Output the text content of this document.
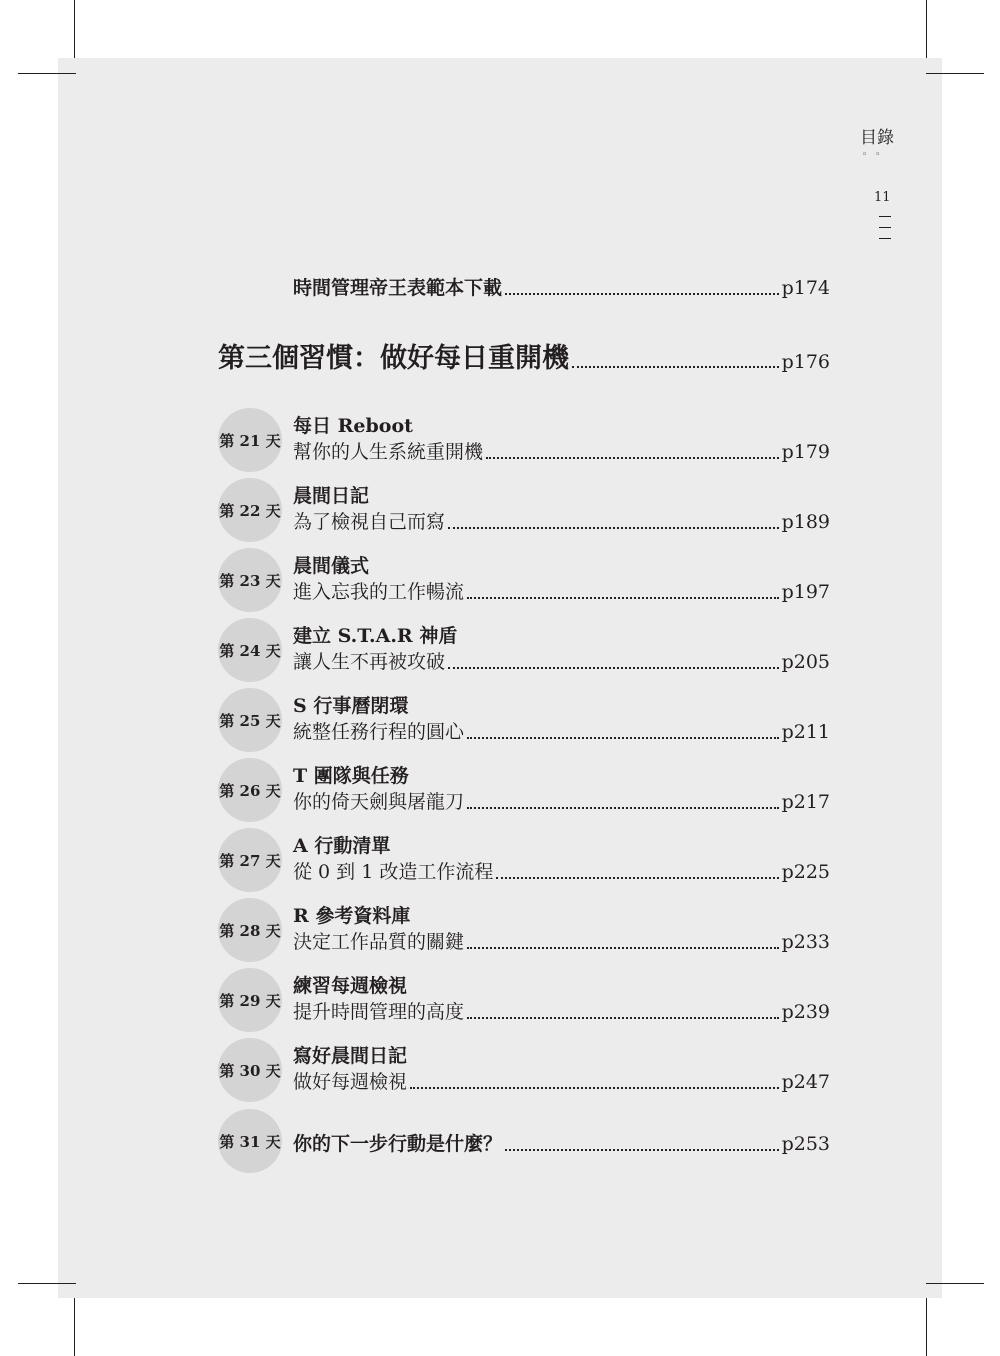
目錄
◦◦
11
時間管理帝王表範本下載	p174
第三個習慣：做好每日重開機	p176
第 21 天
每日 Reboot
幫你的人生系統重開機	p179
第 22 天
晨間日記
為了檢視自己而寫	p189
第 23 天
晨間儀式
進入忘我的工作暢流	p197
第 24 天
建立 S.T.A.R 神盾
讓人生不再被攻破	p205
第 25 天
S 行事曆閉環
統整任務行程的圓心	p211
第 26 天
T 團隊與任務
你的倚天劍與屠龍刀	p217
第 27 天
A 行動清單
從 0 到 1 改造工作流程	p225
第 28 天
R 參考資料庫
決定工作品質的關鍵	p233
第 29 天
練習每週檢視
提升時間管理的高度	p239
第 30 天
寫好晨間日記
做好每週檢視	p247
第 31 天 你的下一步行動是什麼？	p253
